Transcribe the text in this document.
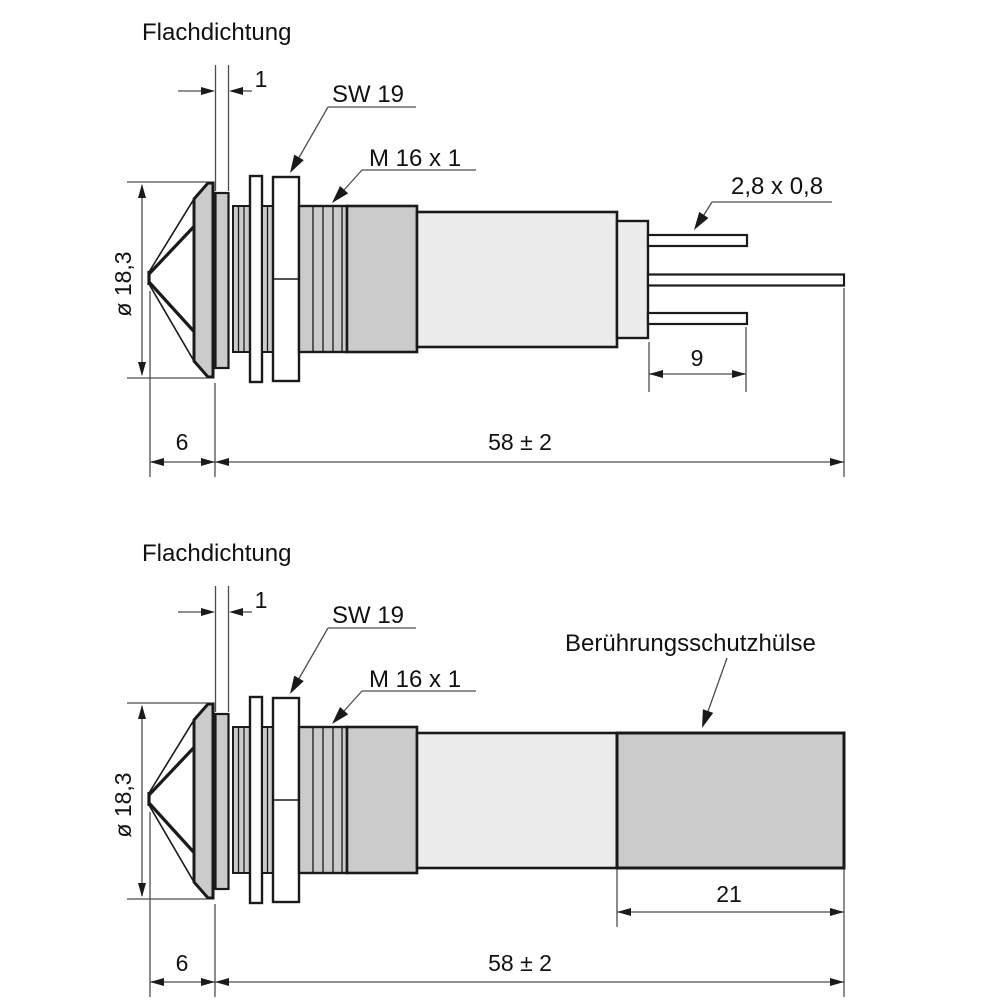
Flachdichtung
1
SW 19
M 16 x 1
2,8 x 0,8
ø 18,3
6	58 ± 2
9
Flachdichtung
1
SW 19
M 16 x 1
Berührungsschutzhülse
ø 18,3
6	58 ± 2
21
